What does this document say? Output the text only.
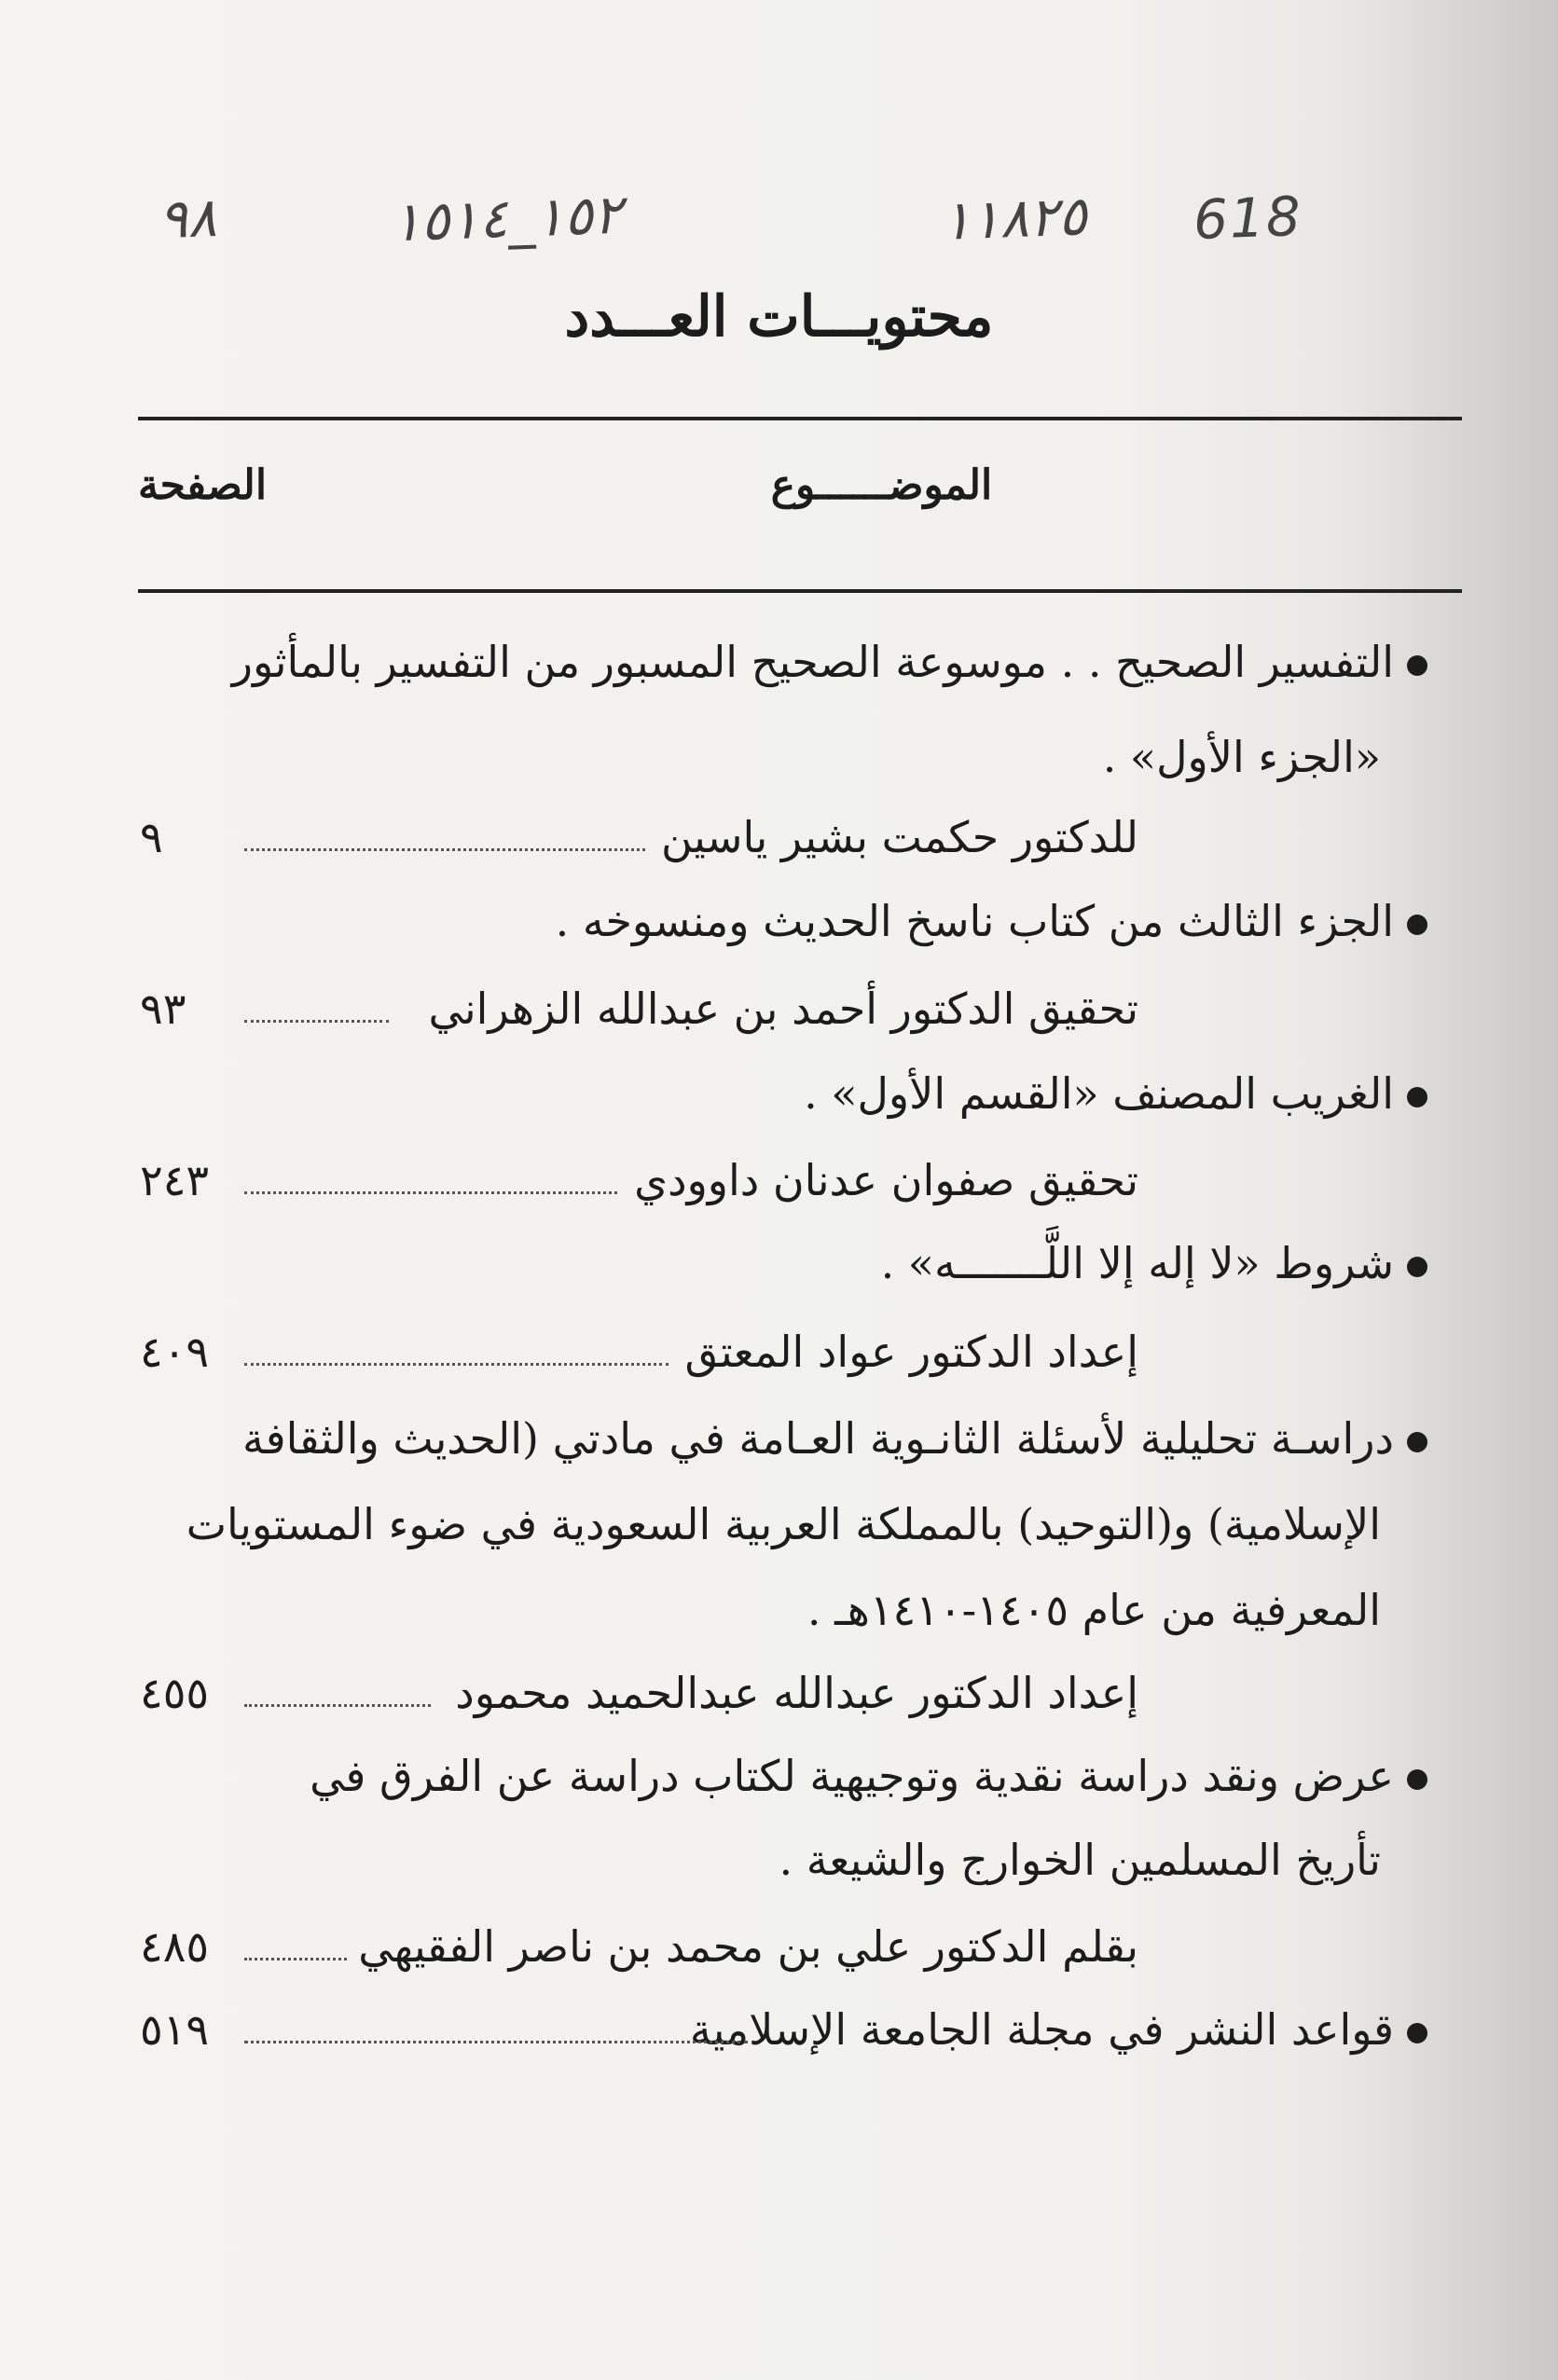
618
١١٨٢٥
١٥٢_١٥١٤
٩٨
محتويـــات العـــدد
الموضــــــوع
الصفحة
التفسير الصحيح . . موسوعة الصحيح المسبور من التفسير بالمأثور
«الجزء الأول» .
للدكتور حكمت بشير ياسين
٩
الجزء الثالث من كتاب ناسخ الحديث ومنسوخه .
تحقيق الدكتور أحمد بن عبدالله الزهراني
٩٣
الغريب المصنف «القسم الأول» .
تحقيق صفوان عدنان داوودي
٢٤٣
شروط «لا إله إلا اللَّـــــــه» .
إعداد الدكتور عواد المعتق
٤٠٩
دراسـة تحليلية لأسئلة الثانـوية العـامة في مادتي (الحديث والثقافة
الإسلامية) و(التوحيد) بالمملكة العربية السعودية في ضوء المستويات
المعرفية من عام ١٤٠٥-١٤١٠هـ .
إعداد الدكتور عبدالله عبدالحميد محمود
٤٥٥
عرض ونقد دراسة نقدية وتوجيهية لكتاب دراسة عن الفرق في
تأريخ المسلمين الخوارج والشيعة .
بقلم الدكتور علي بن محمد بن ناصر الفقيهي
٤٨٥
قواعد النشر في مجلة الجامعة الإسلامية
٥١٩
